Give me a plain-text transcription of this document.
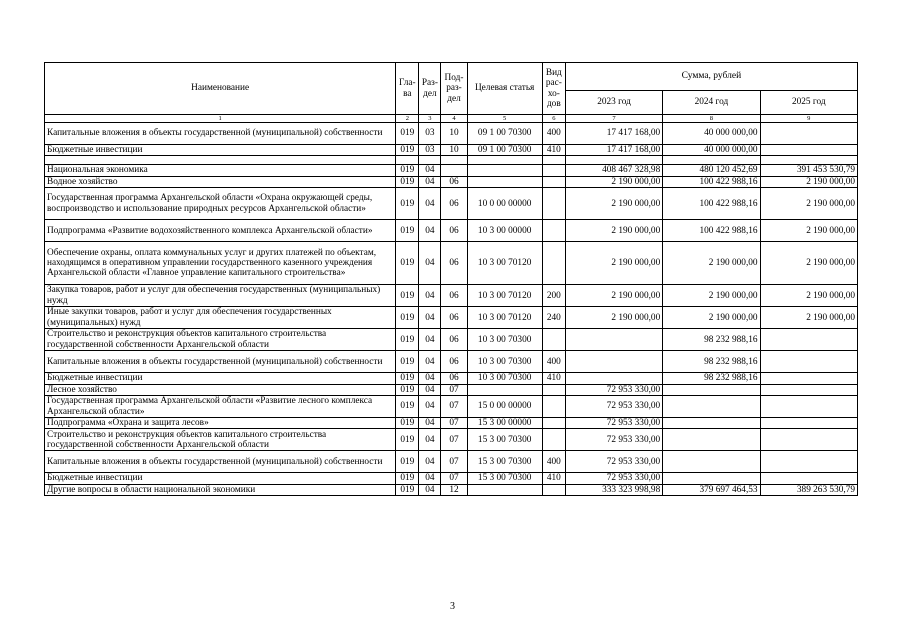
Наименование	Гла-ва	Раз-дел	Под-раз-дел	Целевая статья	Вид рас-хо-дов	Сумма, рублей		
						2023 год	2024 год	2025 год
1	2	3	4	5	6	7	8	9
Капитальные вложения в объекты государственной (муниципальной) собственности	019	03	10	09 1 00 70300	400	17 417 168,00	40 000 000,00	
Бюджетные инвестиции	019	03	10	09 1 00 70300	410	17 417 168,00	40 000 000,00	

Национальная экономика	019	04				408 467 328,98	480 120 452,69	391 453 530,79
Водное хозяйство	019	04	06			2 190 000,00	100 422 988,16	2 190 000,00
Государственная программа Архангельской области «Охрана окружающей среды, воспроизводство и использование природных ресурсов Архангельской области»	019	04	06	10 0 00 00000		2 190 000,00	100 422 988,16	2 190 000,00
Подпрограмма «Развитие водохозяйственного комплекса Архангельской области»	019	04	06	10 3 00 00000		2 190 000,00	100 422 988,16	2 190 000,00
Обеспечение охраны, оплата коммунальных услуг и других платежей по объектам, находящимся в оперативном управлении государственного казенного учреждения Архангельской области «Главное управление капитального строительства»	019	04	06	10 3 00 70120		2 190 000,00	2 190 000,00	2 190 000,00
Закупка товаров, работ и услуг для обеспечения государственных (муниципальных) нужд	019	04	06	10 3 00 70120	200	2 190 000,00	2 190 000,00	2 190 000,00
Иные закупки товаров, работ и услуг для обеспечения государственных (муниципальных) нужд	019	04	06	10 3 00 70120	240	2 190 000,00	2 190 000,00	2 190 000,00
Строительство и реконструкция объектов капитального строительства государственной собственности Архангельской области	019	04	06	10 3 00 70300			98 232 988,16	
Капитальные вложения в объекты государственной (муниципальной) собственности	019	04	06	10 3 00 70300	400		98 232 988,16	
Бюджетные инвестиции	019	04	06	10 3 00 70300	410		98 232 988,16	
Лесное хозяйство	019	04	07			72 953 330,00		
Государственная программа Архангельской области «Развитие лесного комплекса Архангельской области»	019	04	07	15 0 00 00000		72 953 330,00		
Подпрограмма «Охрана и защита лесов»	019	04	07	15 3 00 00000		72 953 330,00		
Строительство и реконструкция объектов капитального строительства государственной собственности Архангельской области	019	04	07	15 3 00 70300		72 953 330,00		
Капитальные вложения в объекты государственной (муниципальной) собственности	019	04	07	15 3 00 70300	400	72 953 330,00		
Бюджетные инвестиции	019	04	07	15 3 00 70300	410	72 953 330,00		
Другие вопросы в области национальной экономики	019	04	12			333 323 998,98	379 697 464,53	389 263 530,79
3
